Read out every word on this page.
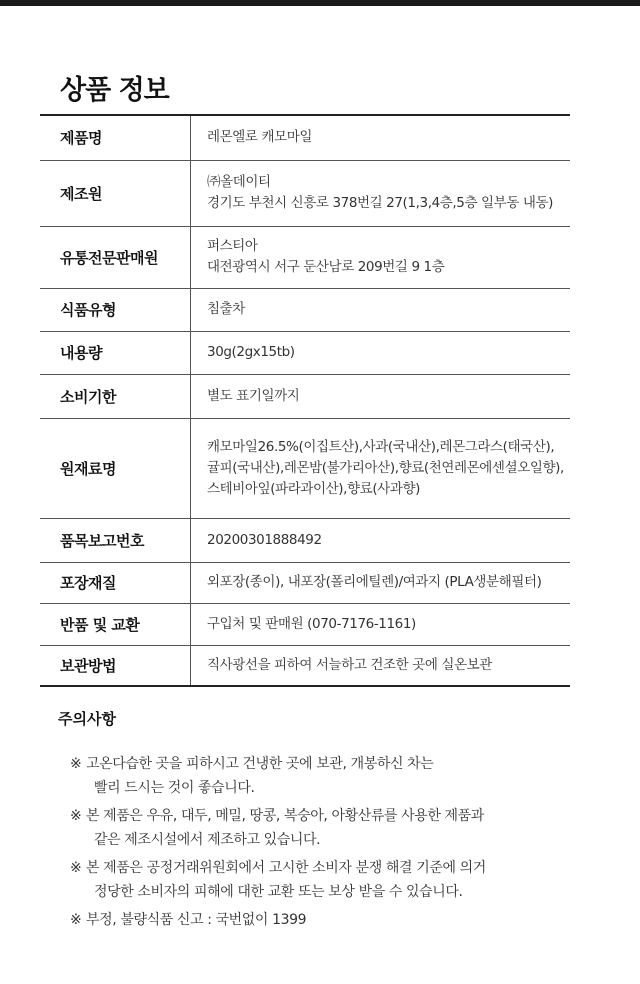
상품 정보
제품명	레몬엘로 캐모마일

제조원	㈜올데이티
경기도 부천시 신흥로 378번길 27(1,3,4층,5층 일부동 내동)

유통전문판매원	퍼스티아
대전광역시 서구 둔산남로 209번길 9 1층

식품유형	침출차

내용량	30g(2gx15tb)

소비기한	별도 표기일까지

원재료명	캐모마일26.5%(이집트산),사과(국내산),레몬그라스(태국산),
귤피(국내산),레몬밤(불가리아산),향료(천연레몬에센셜오일향),
스테비아잎(파라과이산),향료(사과향)

품목보고번호	20200301888492

포장재질	외포장(종이), 내포장(폴리에틸렌)/여과지 (PLA생분해필터)

반품 및 교환	구입처 및 판매원 (070-7176-1161)

보관방법	직사광선을 피하여 서늘하고 건조한 곳에 실온보관
주의사항
※ 고온다습한 곳을 피하시고 건냉한 곳에 보관, 개봉하신 차는
빨리 드시는 것이 좋습니다.
※ 본 제품은 우유, 대두, 메밀, 땅콩, 복숭아, 아황산류를 사용한 제품과
같은 제조시설에서 제조하고 있습니다.
※ 본 제품은 공정거래위원회에서 고시한 소비자 분쟁 해결 기준에 의거
정당한 소비자의 피해에 대한 교환 또는 보상 받을 수 있습니다.
※ 부정, 불량식품 신고 : 국번없이 1399
